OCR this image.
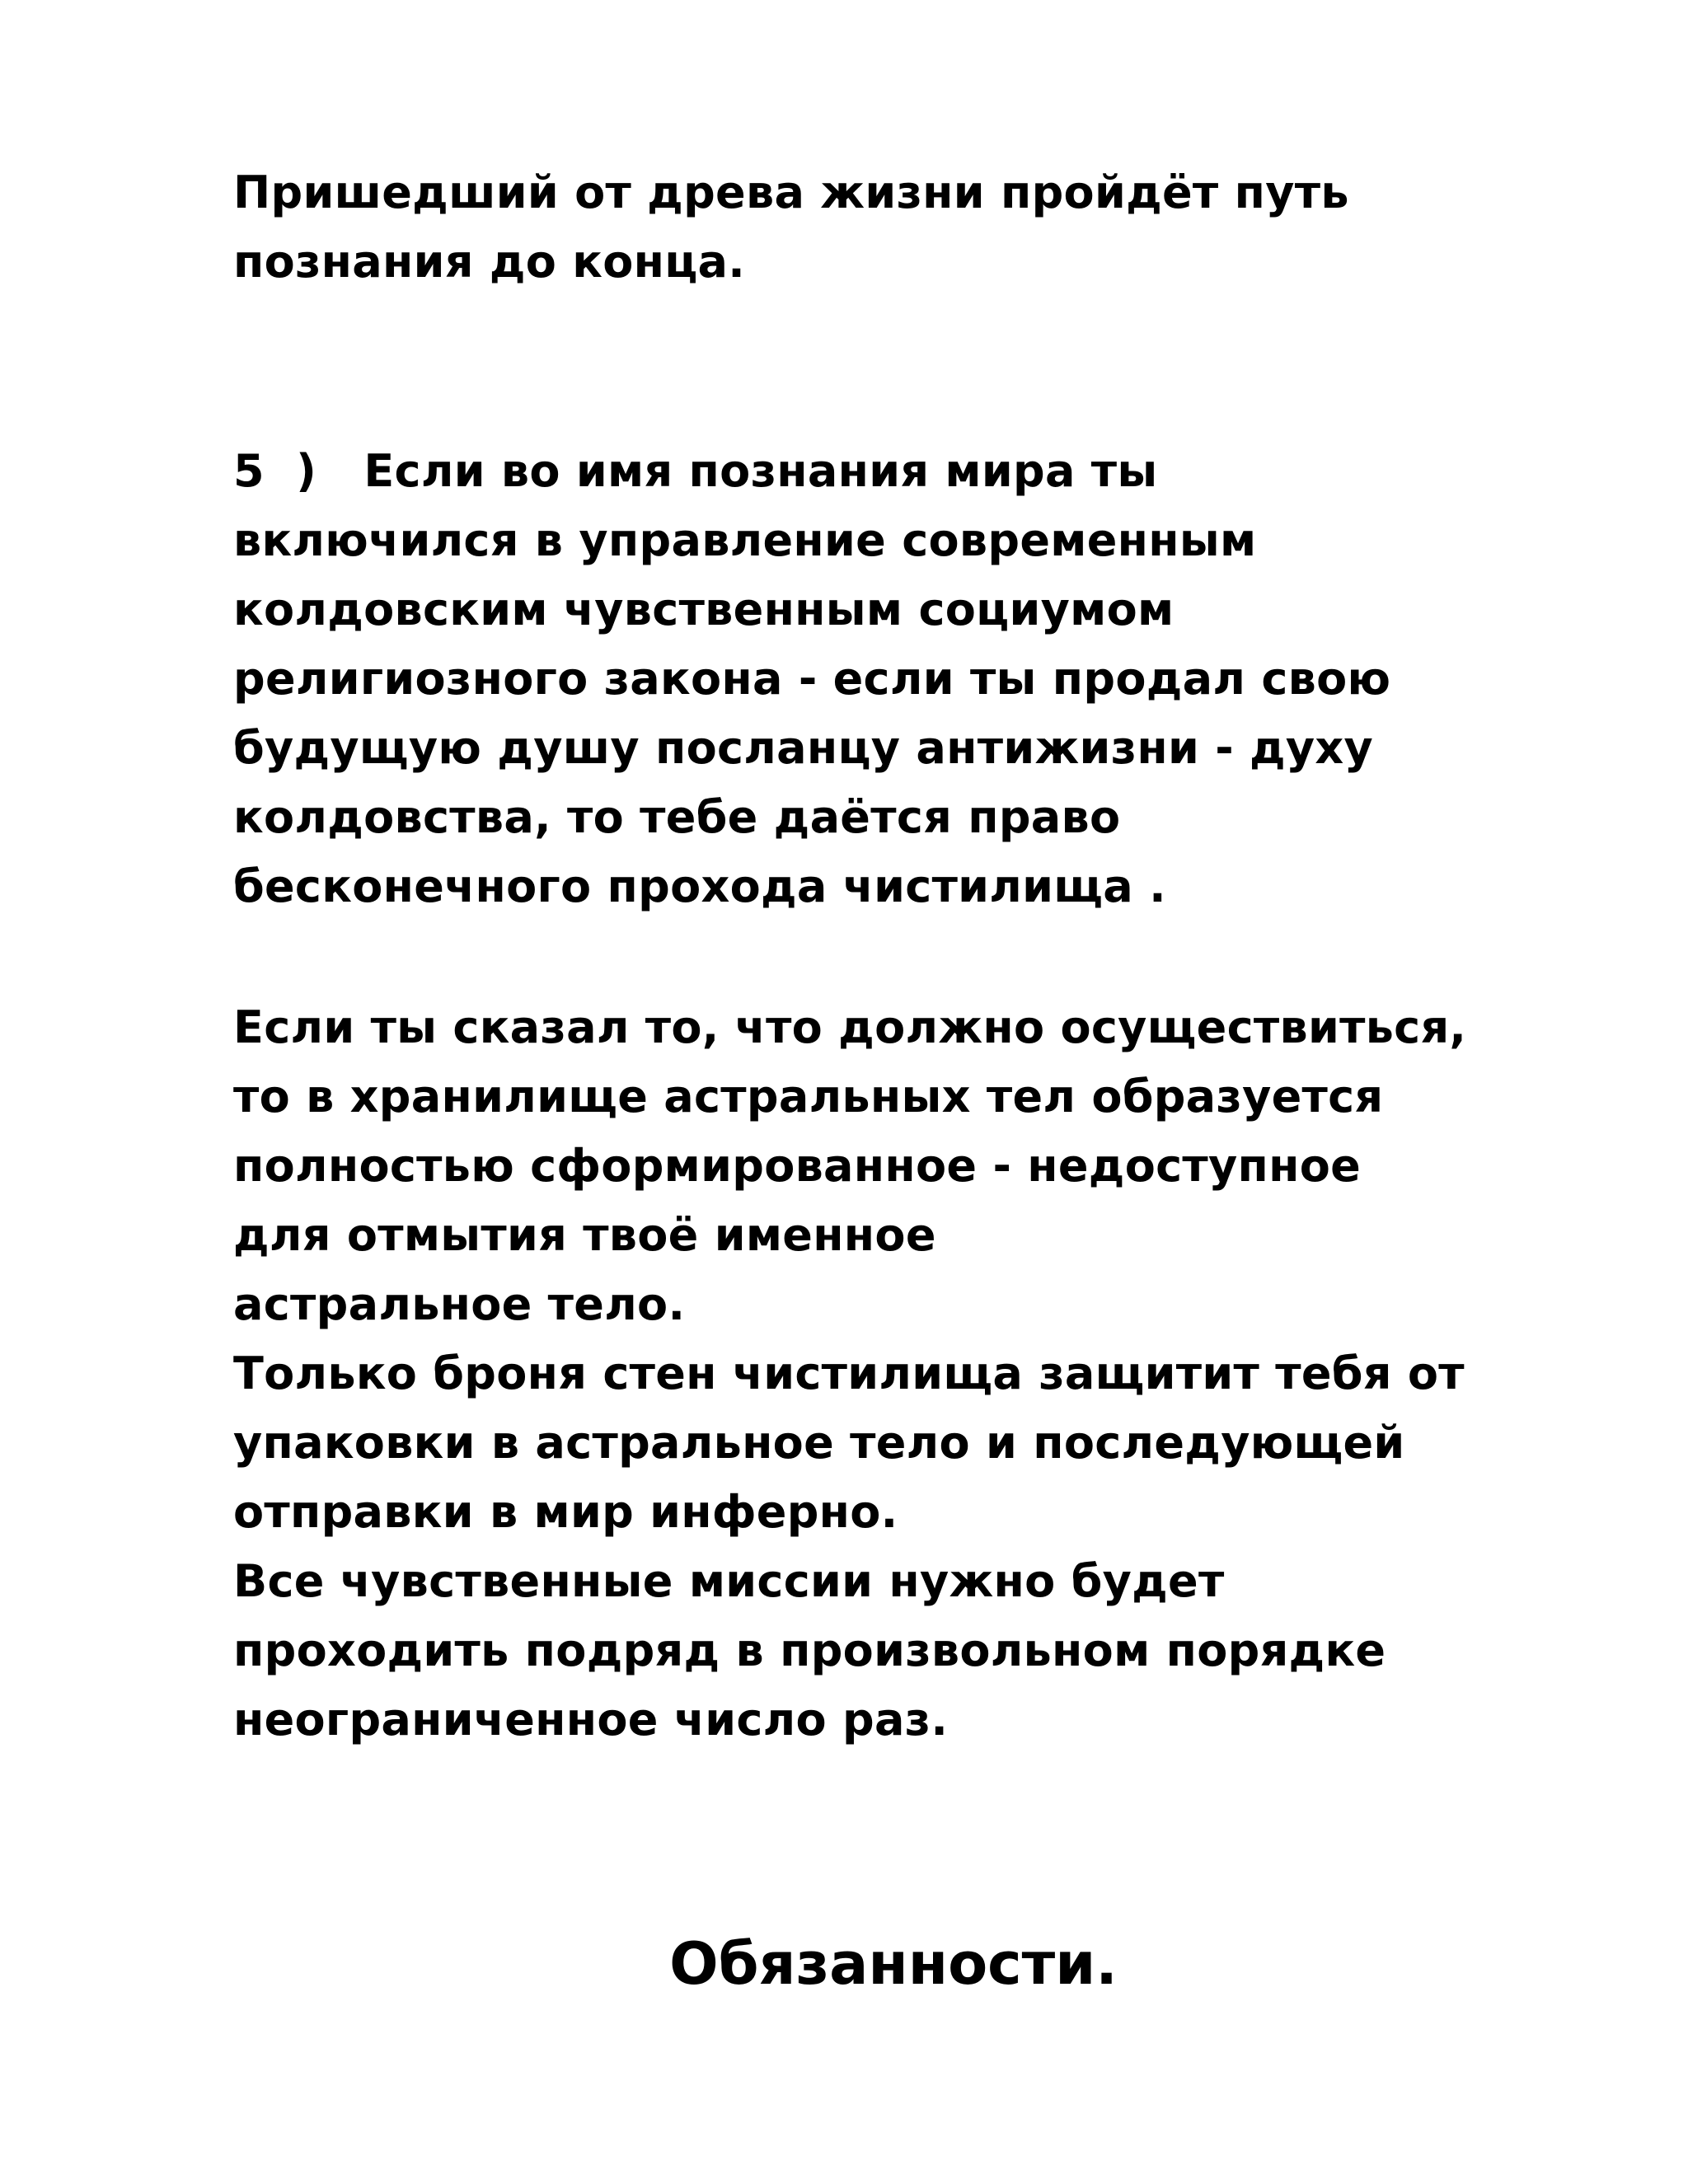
Пришедший от древа жизни пройдёт путь
познания до конца.
5  )   Если во имя познания мира ты
включился в управление современным
колдовским чувственным социумом
религиозного закона - если ты продал свою
будущую душу посланцу антижизни - духу
колдовства, то тебе даётся право
бесконечного прохода чистилища .
Если ты сказал то, что должно осуществиться,
то в хранилище астральных тел образуется
полностью сформированное - недоступное
для отмытия твоё именное
астральное тело.
Только броня стен чистилища защитит тебя от
упаковки в астральное тело и последующей
отправки в мир инферно.
Все чувственные миссии нужно будет
проходить подряд в произвольном порядке
неограниченное число раз.
Обязанности.
